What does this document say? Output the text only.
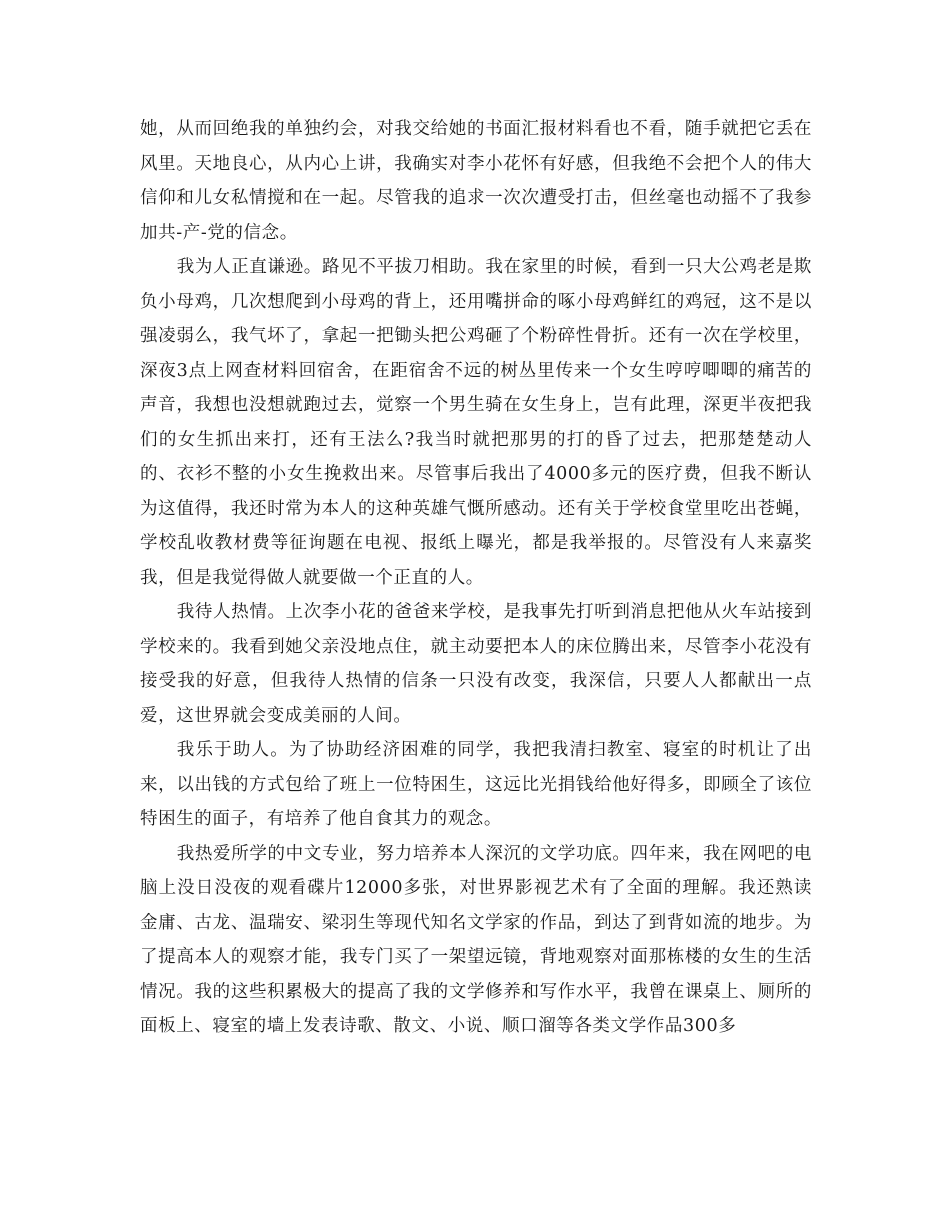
她，从而回绝我的单独约会，对我交给她的书面汇报材料看也不看，随手就把它丢在风里。天地良心，从内心上讲，我确实对李小花怀有好感，但我绝不会把个人的伟大信仰和儿女私情搅和在一起。尽管我的追求一次次遭受打击，但丝毫也动摇不了我参加共-产-党的信念。

我为人正直谦逊。路见不平拔刀相助。我在家里的时候，看到一只大公鸡老是欺负小母鸡，几次想爬到小母鸡的背上，还用嘴拼命的啄小母鸡鲜红的鸡冠，这不是以强凌弱么，我气坏了，拿起一把锄头把公鸡砸了个粉碎性骨折。还有一次在学校里，深夜3点上网查材料回宿舍，在距宿舍不远的树丛里传来一个女生哼哼唧唧的痛苦的声音，我想也没想就跑过去，觉察一个男生骑在女生身上，岂有此理，深更半夜把我们的女生抓出来打，还有王法么?我当时就把那男的打的昏了过去，把那楚楚动人的、衣衫不整的小女生挽救出来。尽管事后我出了4000多元的医疗费，但我不断认为这值得，我还时常为本人的这种英雄气慨所感动。还有关于学校食堂里吃出苍蝇，学校乱收教材费等征询题在电视、报纸上曝光，都是我举报的。尽管没有人来嘉奖我，但是我觉得做人就要做一个正直的人。

我待人热情。上次李小花的爸爸来学校，是我事先打听到消息把他从火车站接到学校来的。我看到她父亲没地点住，就主动要把本人的床位腾出来，尽管李小花没有接受我的好意，但我待人热情的信条一只没有改变，我深信，只要人人都献出一点爱，这世界就会变成美丽的人间。

我乐于助人。为了协助经济困难的同学，我把我清扫教室、寝室的时机让了出来，以出钱的方式包给了班上一位特困生，这远比光捐钱给他好得多，即顾全了该位特困生的面子，有培养了他自食其力的观念。

我热爱所学的中文专业，努力培养本人深沉的文学功底。四年来，我在网吧的电脑上没日没夜的观看碟片12000多张，对世界影视艺术有了全面的理解。我还熟读金庸、古龙、温瑞安、梁羽生等现代知名文学家的作品，到达了到背如流的地步。为了提高本人的观察才能，我专门买了一架望远镜，背地观察对面那栋楼的女生的生活情况。我的这些积累极大的提高了我的文学修养和写作水平，我曾在课桌上、厕所的面板上、寝室的墙上发表诗歌、散文、小说、顺口溜等各类文学作品300多
